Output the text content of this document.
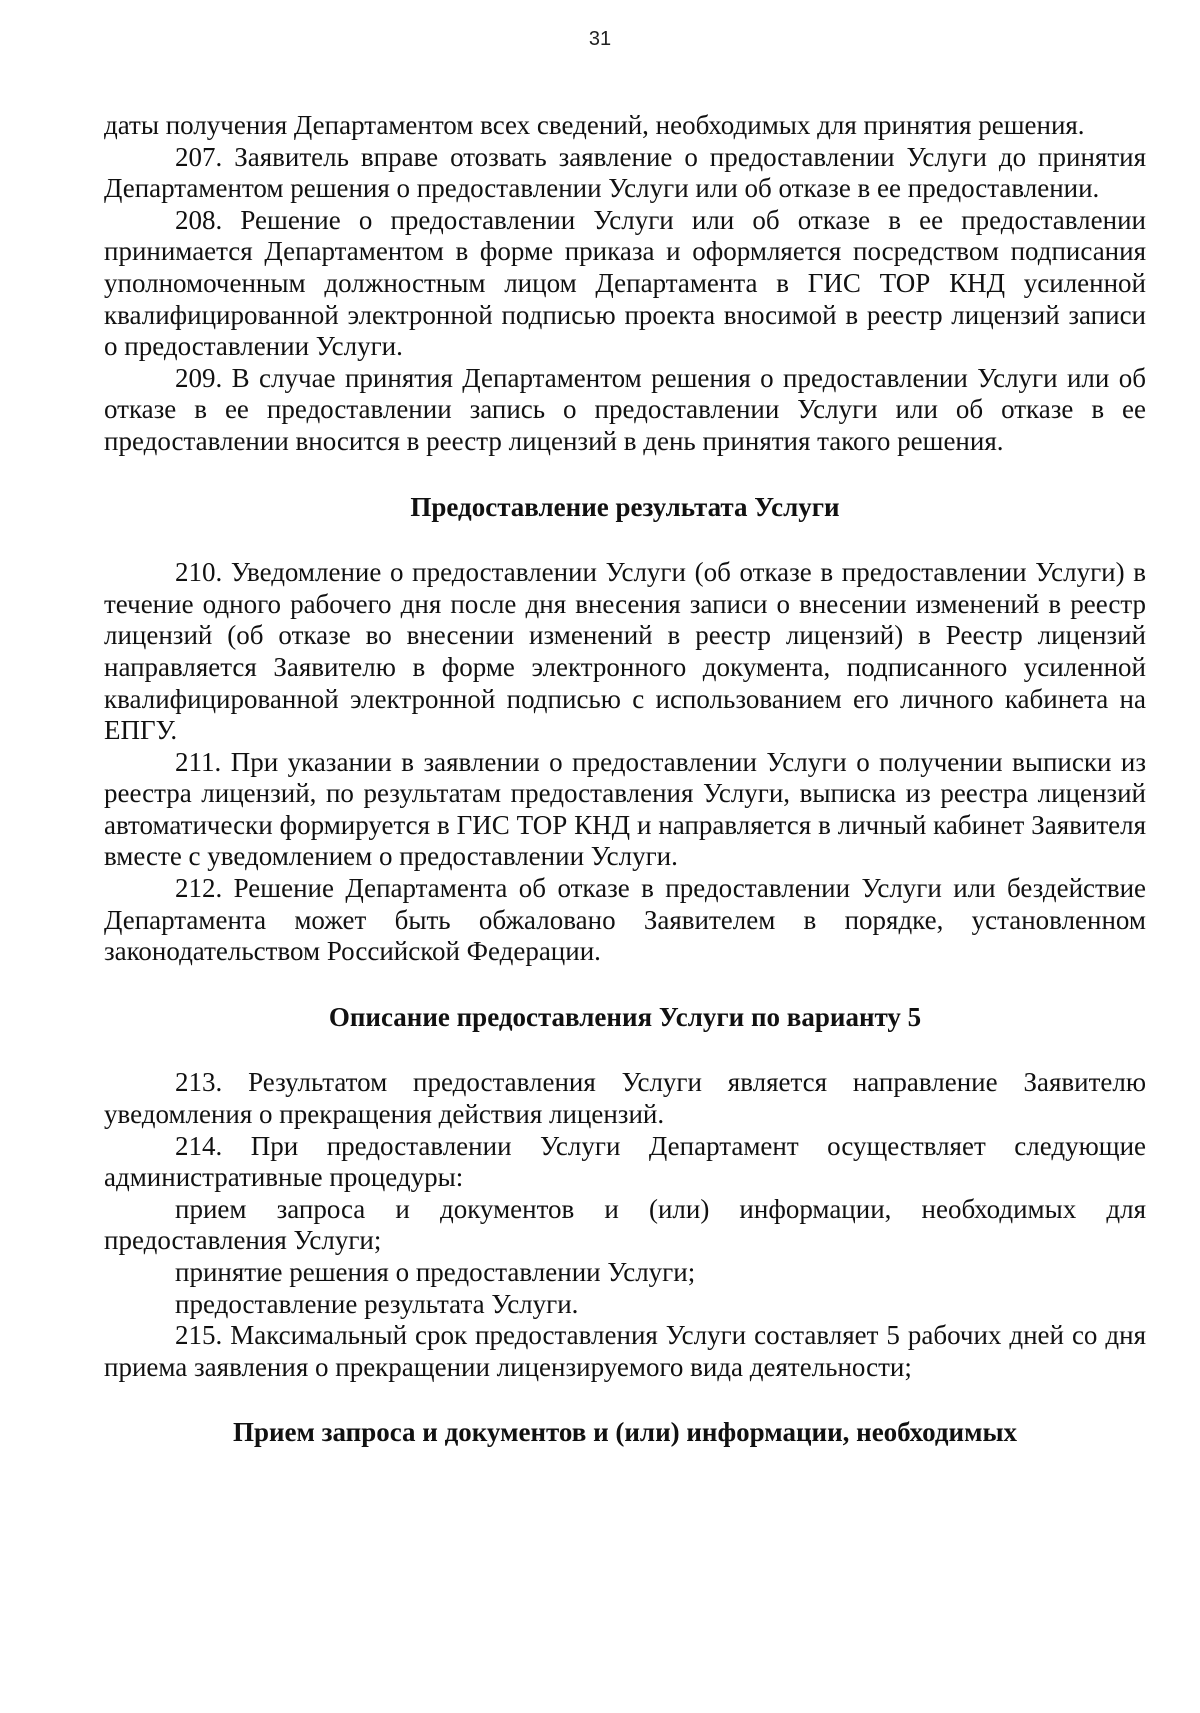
31

даты получения Департаментом всех сведений, необходимых для принятия решения.

207. Заявитель вправе отозвать заявление о предоставлении Услуги до принятия Департаментом решения о предоставлении Услуги или об отказе в ее предоставлении.

208. Решение о предоставлении Услуги или об отказе в ее предоставлении принимается Департаментом в форме приказа и оформляется посредством подписания уполномоченным должностным лицом Департамента в ГИС ТОР КНД усиленной квалифицированной электронной подписью проекта вносимой в реестр лицензий записи о предоставлении Услуги.

209. В случае принятия Департаментом решения о предоставлении Услуги или об отказе в ее предоставлении запись о предоставлении Услуги или об отказе в ее предоставлении вносится в реестр лицензий в день принятия такого решения.

Предоставление результата Услуги

210. Уведомление о предоставлении Услуги (об отказе в предоставлении Услуги) в течение одного рабочего дня после дня внесения записи о внесении изменений в реестр лицензий (об отказе во внесении изменений в реестр лицензий) в Реестр лицензий направляется Заявителю в форме электронного документа, подписанного усиленной квалифицированной электронной подписью с использованием его личного кабинета на ЕПГУ.

211. При указании в заявлении о предоставлении Услуги о получении выписки из реестра лицензий, по результатам предоставления Услуги, выписка из реестра лицензий автоматически формируется в ГИС ТОР КНД и направляется в личный кабинет Заявителя вместе с уведомлением о предоставлении Услуги.

212. Решение Департамента об отказе в предоставлении Услуги или бездействие Департамента может быть обжаловано Заявителем в порядке, установленном законодательством Российской Федерации.

Описание предоставления Услуги по варианту 5

213. Результатом предоставления Услуги является направление Заявителю уведомления о прекращения действия лицензий.

214. При предоставлении Услуги Департамент осуществляет следующие административные процедуры:

прием запроса и документов и (или) информации, необходимых для предоставления Услуги;

принятие решения о предоставлении Услуги;

предоставление результата Услуги.

215. Максимальный срок предоставления Услуги составляет 5 рабочих дней со дня приема заявления о прекращении лицензируемого вида деятельности;

Прием запроса и документов и (или) информации, необходимых
